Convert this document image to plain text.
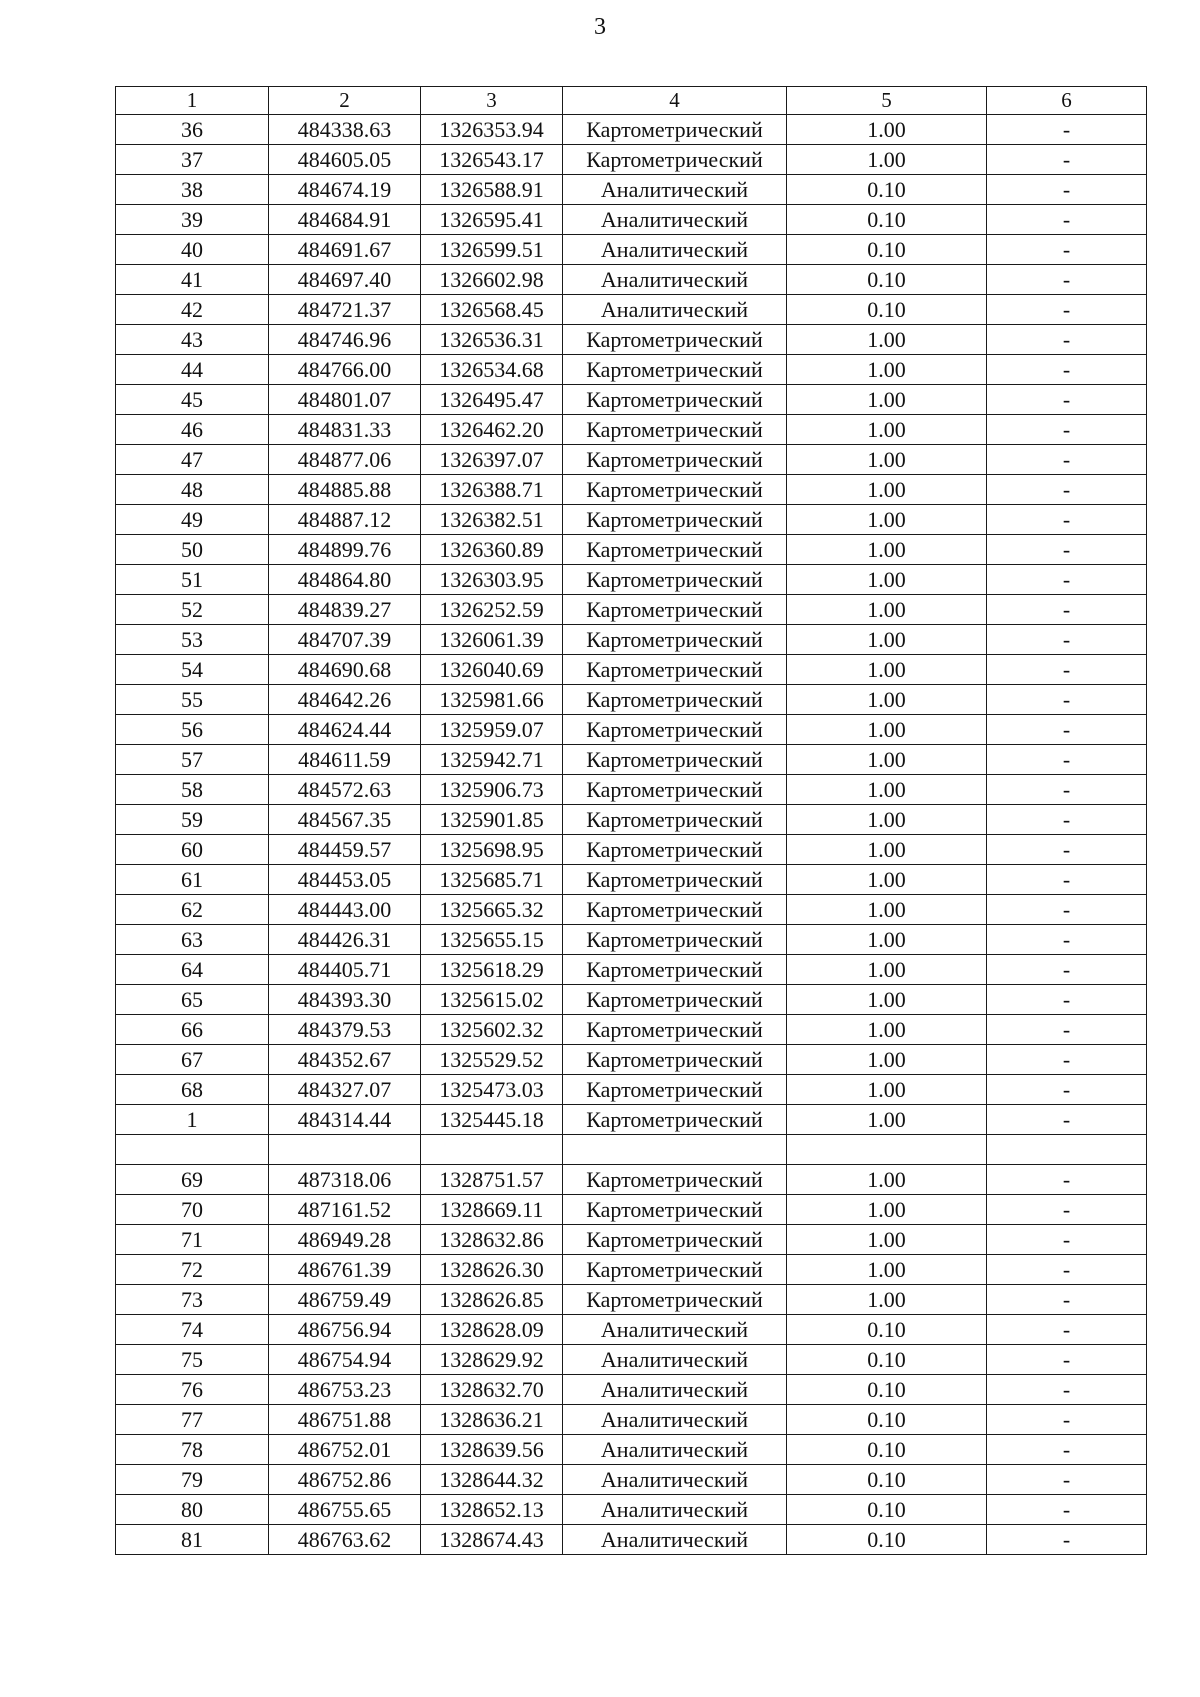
3
1	2	3	4	5	6
36	484338.63	1326353.94	Картометрический	1.00	-
37	484605.05	1326543.17	Картометрический	1.00	-
38	484674.19	1326588.91	Аналитический	0.10	-
39	484684.91	1326595.41	Аналитический	0.10	-
40	484691.67	1326599.51	Аналитический	0.10	-
41	484697.40	1326602.98	Аналитический	0.10	-
42	484721.37	1326568.45	Аналитический	0.10	-
43	484746.96	1326536.31	Картометрический	1.00	-
44	484766.00	1326534.68	Картометрический	1.00	-
45	484801.07	1326495.47	Картометрический	1.00	-
46	484831.33	1326462.20	Картометрический	1.00	-
47	484877.06	1326397.07	Картометрический	1.00	-
48	484885.88	1326388.71	Картометрический	1.00	-
49	484887.12	1326382.51	Картометрический	1.00	-
50	484899.76	1326360.89	Картометрический	1.00	-
51	484864.80	1326303.95	Картометрический	1.00	-
52	484839.27	1326252.59	Картометрический	1.00	-
53	484707.39	1326061.39	Картометрический	1.00	-
54	484690.68	1326040.69	Картометрический	1.00	-
55	484642.26	1325981.66	Картометрический	1.00	-
56	484624.44	1325959.07	Картометрический	1.00	-
57	484611.59	1325942.71	Картометрический	1.00	-
58	484572.63	1325906.73	Картометрический	1.00	-
59	484567.35	1325901.85	Картометрический	1.00	-
60	484459.57	1325698.95	Картометрический	1.00	-
61	484453.05	1325685.71	Картометрический	1.00	-
62	484443.00	1325665.32	Картометрический	1.00	-
63	484426.31	1325655.15	Картометрический	1.00	-
64	484405.71	1325618.29	Картометрический	1.00	-
65	484393.30	1325615.02	Картометрический	1.00	-
66	484379.53	1325602.32	Картометрический	1.00	-
67	484352.67	1325529.52	Картометрический	1.00	-
68	484327.07	1325473.03	Картометрический	1.00	-
1	484314.44	1325445.18	Картометрический	1.00	-

69	487318.06	1328751.57	Картометрический	1.00	-
70	487161.52	1328669.11	Картометрический	1.00	-
71	486949.28	1328632.86	Картометрический	1.00	-
72	486761.39	1328626.30	Картометрический	1.00	-
73	486759.49	1328626.85	Картометрический	1.00	-
74	486756.94	1328628.09	Аналитический	0.10	-
75	486754.94	1328629.92	Аналитический	0.10	-
76	486753.23	1328632.70	Аналитический	0.10	-
77	486751.88	1328636.21	Аналитический	0.10	-
78	486752.01	1328639.56	Аналитический	0.10	-
79	486752.86	1328644.32	Аналитический	0.10	-
80	486755.65	1328652.13	Аналитический	0.10	-
81	486763.62	1328674.43	Аналитический	0.10	-
